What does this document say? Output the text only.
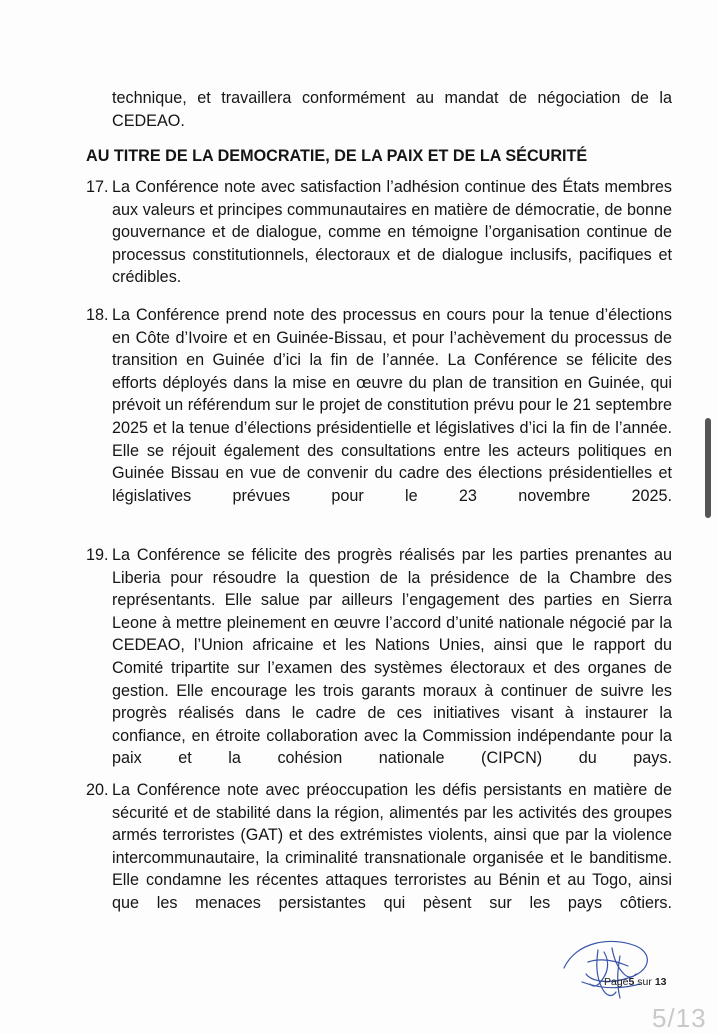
technique, et travaillera conformément au mandat de négociation de la CEDEAO.
AU TITRE DE LA DEMOCRATIE, DE LA PAIX ET DE LA SÉCURITÉ
17. La Conférence note avec satisfaction l’adhésion continue des États membres aux valeurs et principes communautaires en matière de démocratie, de bonne gouvernance et de dialogue, comme en témoigne l’organisation continue de processus constitutionnels, électoraux et de dialogue inclusifs, pacifiques et crédibles.
18. La Conférence prend note des processus en cours pour la tenue d’élections en Côte d’Ivoire et en Guinée-Bissau, et pour l’achèvement du processus de transition en Guinée d’ici la fin de l’année. La Conférence se félicite des efforts déployés dans la mise en œuvre du plan de transition en Guinée, qui prévoit un référendum sur le projet de constitution prévu pour le 21 septembre 2025 et la tenue d’élections présidentielle et législatives d’ici la fin de l’année. Elle se réjouit également des consultations entre les acteurs politiques en Guinée Bissau en vue de convenir du cadre des élections présidentielles et législatives prévues pour le 23 novembre 2025.
19. La Conférence se félicite des progrès réalisés par les parties prenantes au Liberia pour résoudre la question de la présidence de la Chambre des représentants. Elle salue par ailleurs l’engagement des parties en Sierra Leone à mettre pleinement en œuvre l’accord d’unité nationale négocié par la CEDEAO, l’Union africaine et les Nations Unies, ainsi que le rapport du Comité tripartite sur l’examen des systèmes électoraux et des organes de gestion. Elle encourage les trois garants moraux à continuer de suivre les progrès réalisés dans le cadre de ces initiatives visant à instaurer la confiance, en étroite collaboration avec la Commission indépendante pour la paix et la cohésion nationale (CIPCN) du pays.
20. La Conférence note avec préoccupation les défis persistants en matière de sécurité et de stabilité dans la région, alimentés par les activités des groupes armés terroristes (GAT) et des extrémistes violents, ainsi que par la violence intercommunautaire, la criminalité transnationale organisée et le banditisme. Elle condamne les récentes attaques terroristes au Bénin et au Togo, ainsi que les menaces persistantes qui pèsent sur les pays côtiers.
Page5 sur 13
5/13
